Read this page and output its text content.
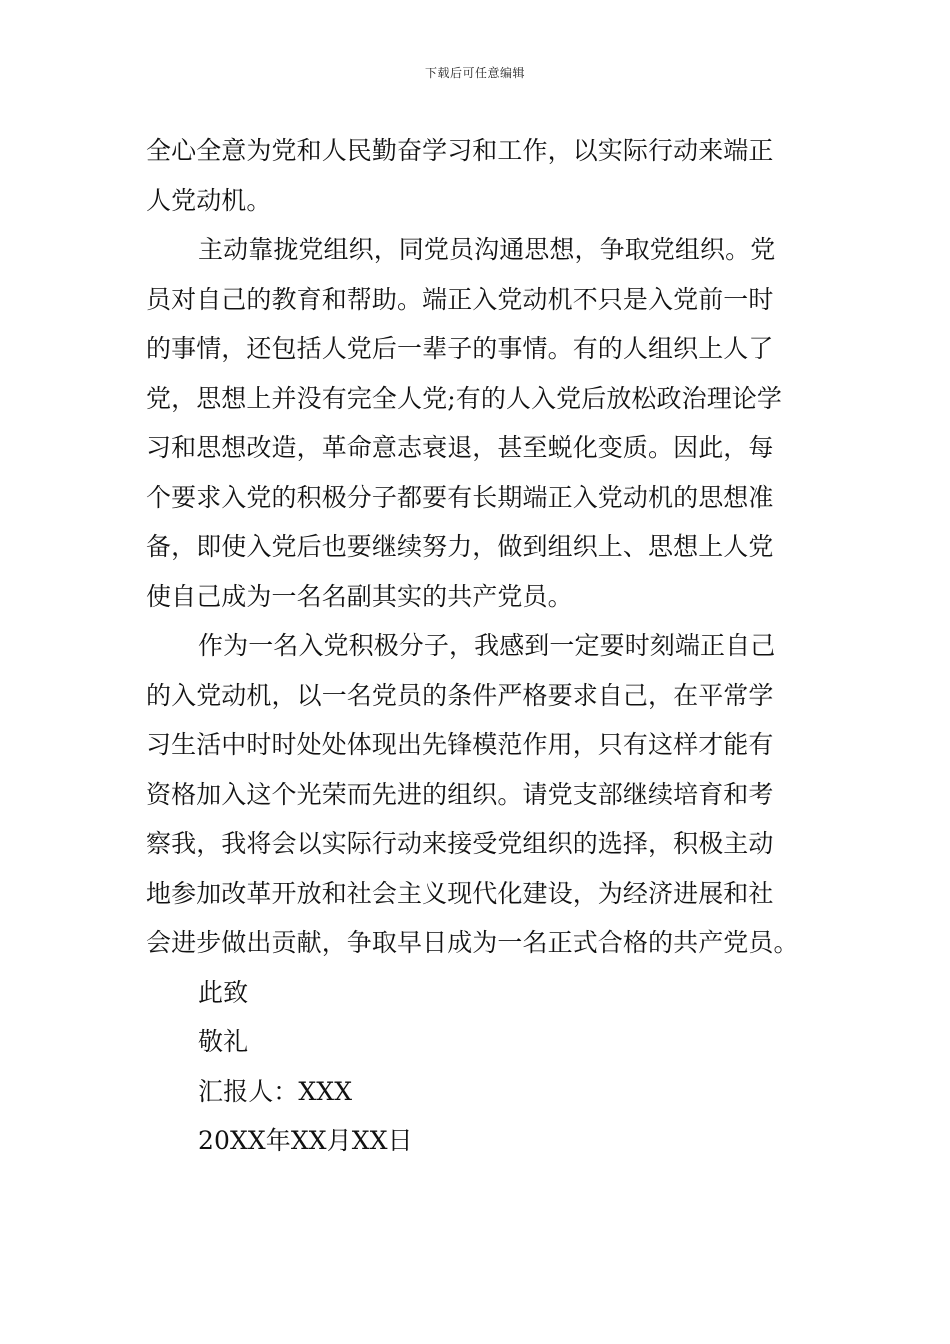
下载后可任意编辑
全心全意为党和人民勤奋学习和工作，以实际行动来端正
人党动机。
主动靠拢党组织，同党员沟通思想，争取党组织。党
员对自己的教育和帮助。端正入党动机不只是入党前一时
的事情，还包括人党后一辈子的事情。有的人组织上人了
党，思想上并没有完全人党;有的人入党后放松政治理论学
习和思想改造，革命意志衰退，甚至蜕化变质。因此，每
个要求入党的积极分子都要有长期端正入党动机的思想准
备，即使入党后也要继续努力，做到组织上、思想上人党
使自己成为一名名副其实的共产党员。
作为一名入党积极分子，我感到一定要时刻端正自己
的入党动机，以一名党员的条件严格要求自己，在平常学
习生活中时时处处体现出先锋模范作用，只有这样才能有
资格加入这个光荣而先进的组织。请党支部继续培育和考
察我，我将会以实际行动来接受党组织的选择，积极主动
地参加改革开放和社会主义现代化建设，为经济进展和社
会进步做出贡献，争取早日成为一名正式合格的共产党员。
此致
敬礼
汇报人：XXX
20XX年XX月XX日
